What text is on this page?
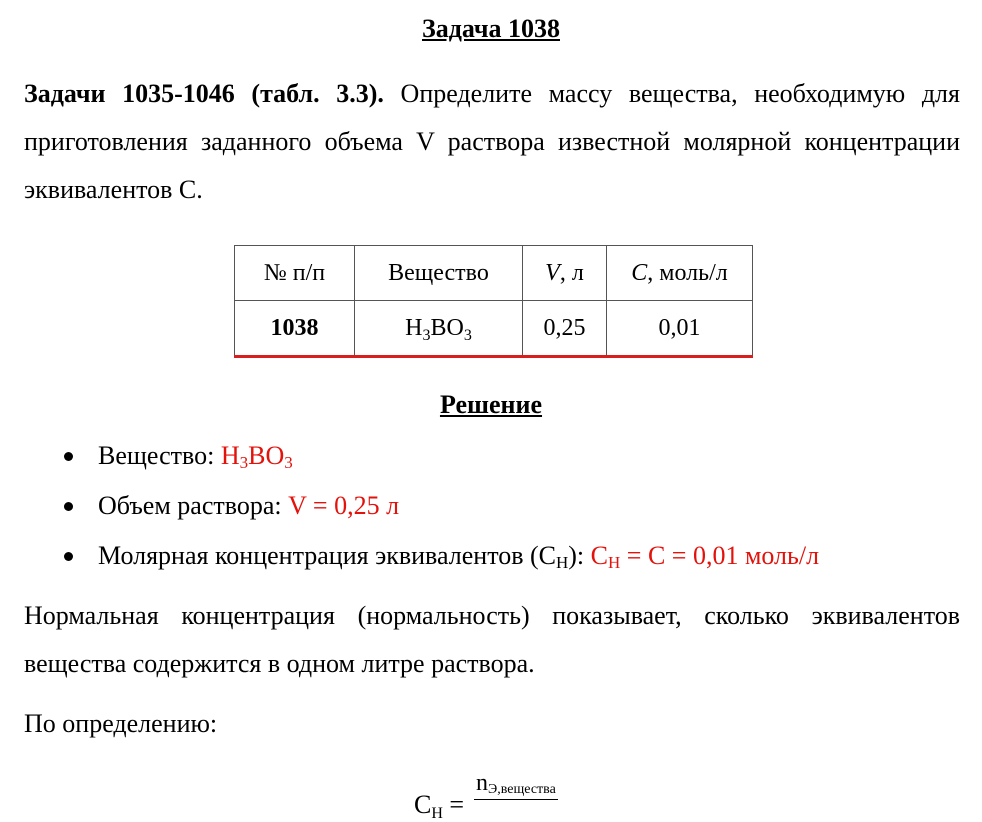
Задача 1038
Задачи 1035-1046 (табл. 3.3). Определите массу вещества, необходимую для приготовления заданного объема V раствора известной молярной концентрации эквивалентов С.
№ п/п	Вещество	V, л	C, моль/л
1038	$H_3BO_3$	0,25	0,01
Решение
Вещество: $H_3BO_3$
Объем раствора: V = 0,25 л
Молярная концентрация эквивалентов $(C_Н)$: $C_Н = C = 0,01$ моль/л
Нормальная концентрация (нормальность) показывает, сколько эквивалентов вещества содержится в одном литре раствора.
По определению:
$C_Н$ =
$n_{Э,вещества}$
